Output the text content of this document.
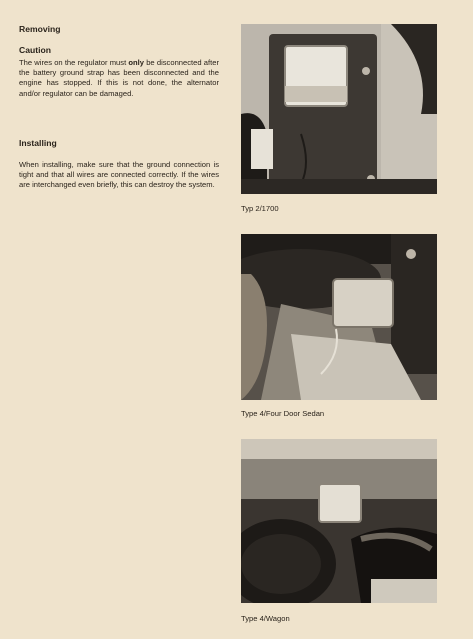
Removing
Caution

The wires on the regulator must only be disconnected after the battery ground strap has been disconnected and the engine has stopped. If this is not done, the alternator and/or regulator can be damaged.

Installing

When installing, make sure that the ground connection is tight and that all wires are connected correctly. If the wires are interchanged even briefly, this can destroy the system.

Typ 2/1700
Type 4/Four Door Sedan
Type 4/Wagon
